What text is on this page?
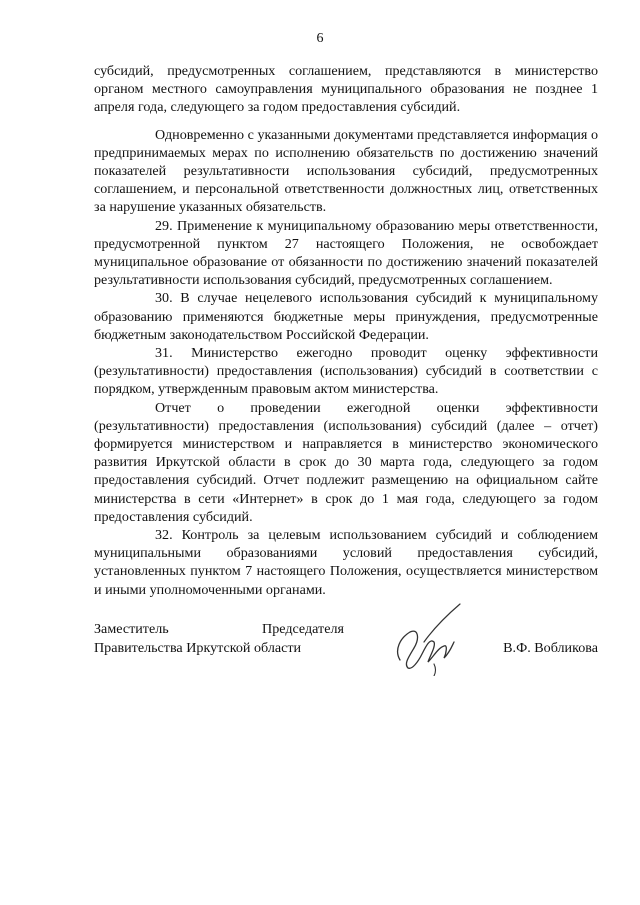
6

субсидий, предусмотренных соглашением, представляются в министерство органом местного самоуправления муниципального образования не позднее 1 апреля года, следующего за годом предоставления субсидий.

Одновременно с указанными документами представляется информация о предпринимаемых мерах по исполнению обязательств по достижению значений показателей результативности использования субсидий, предусмотренных соглашением, и персональной ответственности должностных лиц, ответственных за нарушение указанных обязательств.

29. Применение к муниципальному образованию меры ответственности, предусмотренной пунктом 27 настоящего Положения, не освобождает муниципальное образование от обязанности по достижению значений показателей результативности использования субсидий, предусмотренных соглашением.

30. В случае нецелевого использования субсидий к муниципальному образованию применяются бюджетные меры принуждения, предусмотренные бюджетным законодательством Российской Федерации.

31. Министерство ежегодно проводит оценку эффективности (результативности) предоставления (использования) субсидий в соответствии с порядком, утвержденным правовым актом министерства.

Отчет о проведении ежегодной оценки эффективности (результативности) предоставления (использования) субсидий (далее – отчет) формируется министерством и направляется в министерство экономического развития Иркутской области в срок до 30 марта года, следующего за годом предоставления субсидий. Отчет подлежит размещению на официальном сайте министерства в сети «Интернет» в срок до 1 мая года, следующего за годом предоставления субсидий.

32. Контроль за целевым использованием субсидий и соблюдением муниципальными образованиями условий предоставления субсидий, установленных пунктом 7 настоящего Положения, осуществляется министерством и иными уполномоченными органами.

Заместитель	Председателя
Правительства Иркутской области	В.Ф. Вобликова
